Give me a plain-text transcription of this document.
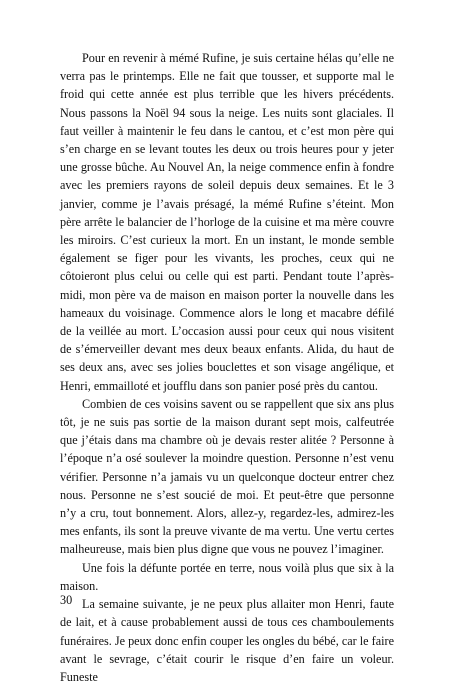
Pour en revenir à mémé Rufine, je suis certaine hélas qu’elle ne verra pas le printemps. Elle ne fait que tousser, et supporte mal le froid qui cette année est plus terrible que les hivers précédents. Nous passons la Noël 94 sous la neige. Les nuits sont glaciales. Il faut veiller à maintenir le feu dans le cantou, et c’est mon père qui s’en charge en se levant toutes les deux ou trois heures pour y jeter une grosse bûche. Au Nouvel An, la neige commence enfin à fondre avec les premiers rayons de soleil depuis deux semaines. Et le 3 janvier, comme je l’avais présagé, la mémé Rufine s’éteint. Mon père arrête le balancier de l’horloge de la cuisine et ma mère couvre les miroirs. C’est curieux la mort. En un instant, le monde semble également se figer pour les vivants, les proches, ceux qui ne côtoieront plus celui ou celle qui est parti. Pendant toute l’après-midi, mon père va de maison en maison porter la nouvelle dans les hameaux du voisinage. Commence alors le long et macabre défilé de la veillée au mort. L’occasion aussi pour ceux qui nous visitent de s’émerveiller devant mes deux beaux enfants. Alida, du haut de ses deux ans, avec ses jolies bouclettes et son visage angélique, et Henri, emmailloté et joufflu dans son panier posé près du cantou.

Combien de ces voisins savent ou se rappellent que six ans plus tôt, je ne suis pas sortie de la maison durant sept mois, calfeutrée que j’étais dans ma chambre où je devais rester alitée ? Personne à l’époque n’a osé soulever la moindre question. Personne n’est venu vérifier. Personne n’a jamais vu un quelconque docteur entrer chez nous. Personne ne s’est soucié de moi. Et peut-être que personne n’y a cru, tout bonnement. Alors, allez-y, regardez-les, admirez-les mes enfants, ils sont la preuve vivante de ma vertu. Une vertu certes malheureuse, mais bien plus digne que vous ne pouvez l’imaginer.

Une fois la défunte portée en terre, nous voilà plus que six à la maison.

La semaine suivante, je ne peux plus allaiter mon Henri, faute de lait, et à cause probablement aussi de tous ces chamboulements funéraires. Je peux donc enfin couper les ongles du bébé, car le faire avant le sevrage, c’était courir le risque d’en faire un voleur. Funeste

30
